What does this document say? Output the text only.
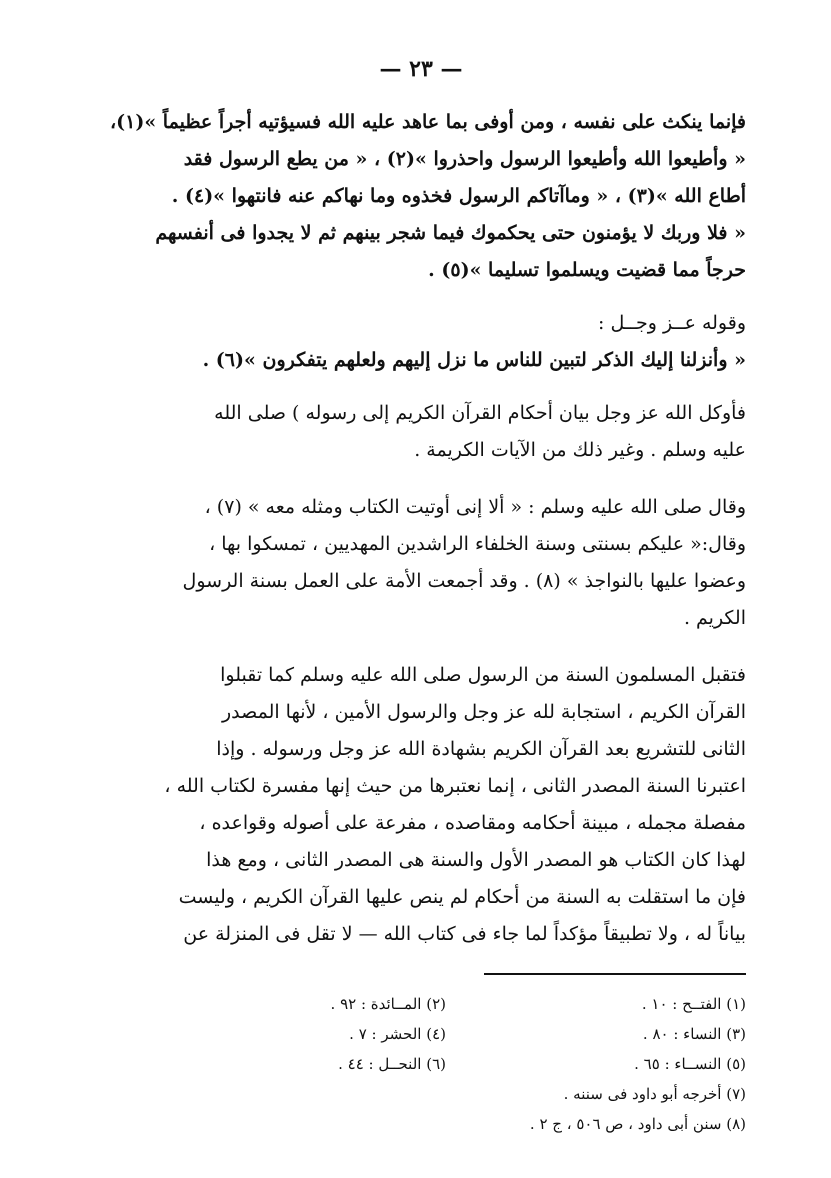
— ٢٣ —

فإنما ينكث على نفسه ، ومن أوفى بما عاهد عليه الله فسيؤتيه أجراً عظيماً »(١)،

« وأطيعوا الله وأطيعوا الرسول واحذروا »(٢) ، « من يطع الرسول فقد

أطاع الله »(٣) ، « وماآتاكم الرسول فخذوه وما نهاكم عنه فانتهوا »(٤) .

« فلا وربك لا يؤمنون حتى يحكموك فيما شجر بينهم ثم لا يجدوا فى أنفسهم

حرجاً مما قضيت ويسلموا تسليما »(٥) .

وقوله عــز وجــل :

« وأنزلنا إليك الذكر لتبين للناس ما نزل إليهم ولعلهم يتفكرون »(٦) .

فأوكل الله عز وجل بيان أحكام القرآن الكريم إلى رسوله ) صلى الله

عليه وسلم . وغير ذلك من الآيات الكريمة .

وقال صلى الله عليه وسلم : « ألا إنى أوتيت الكتاب ومثله معه » (٧) ،

وقال:« عليكم بسنتى وسنة الخلفاء الراشدين المهديين ، تمسكوا بها ،

وعضوا عليها بالنواجذ » (٨) . وقد أجمعت الأمة على العمل بسنة الرسول

الكريم .

فتقبل المسلمون السنة من الرسول صلى الله عليه وسلم كما تقبلوا

القرآن الكريم ، استجابة لله عز وجل والرسول الأمين ، لأنها المصدر

الثانى للتشريع بعد القرآن الكريم بشهادة الله عز وجل ورسوله . وإذا

اعتبرنا السنة المصدر الثانى ، إنما نعتبرها من حيث إنها مفسرة لكتاب الله ،

مفصلة مجمله ، مبينة أحكامه ومقاصده ، مفرعة على أصوله وقواعده ،

لهذا كان الكتاب هو المصدر الأول والسنة هى المصدر الثانى ، ومع هذا

فإن ما استقلت به السنة من أحكام لم ينص عليها القرآن الكريم ، وليست

بياناً له ، ولا تطبيقاً مؤكداً لما جاء فى كتاب الله — لا تقل فى المنزلة عن

(١) الفتــح : ١٠ .
(٢) المــائدة : ٩٢ .
(٣) النساء : ٨٠ .
(٤) الحشر : ٧ .
(٥) النســاء : ٦٥ .
(٦) النحــل : ٤٤ .
(٧) أخرجه أبو داود فى سننه .
(٨) سنن أبى داود ، ص ٥٠٦ ، ج ٢ .
